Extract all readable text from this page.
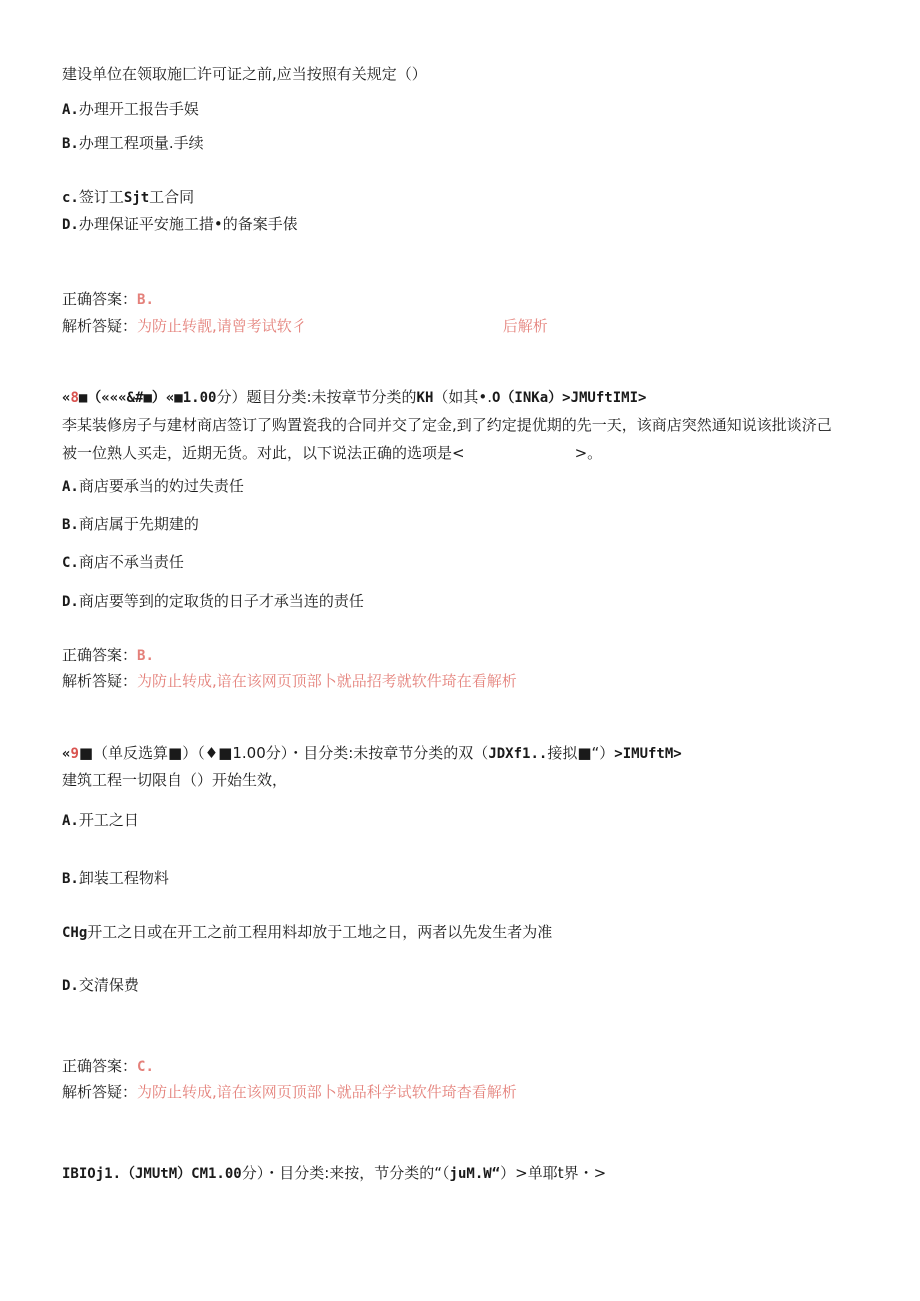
建设单位在领取施匚许可证之前,应当按照有关规定（）
A.办理开工报告手娱
B.办理工程项量.手续
c.签订工Sjt工合同
D.办理保证平安施工措•的备案手俵
正确答案：B.
解析答疑：为防止转靓,请曾考试软彳	后解析
«8■（«««&#■）«■1.00分）题目分类:未按章节分类的KH（如其•.O（INKa）>JMUftIMI>
李某装修房子与建材商店签订了购置瓷我的合同并交了定金,到了约定提优期的先一天，该商店突然通知说该批谈济己
被一位熟人买走，近期无货。对此，以下说法正确的选项是<	>。
A.商店要承当的妁过失责任
B.商店属于先期建的
C.商店不承当责任
D.商店要等到的定取货的日子才承当连的责任
正确答案：B.
解析答疑：为防止转成,谙在该网页顶部卜就品招考就软件琦在看解析
«9■（单反选算■）（♦■1.00分）・目分类:未按章节分类的双（JDXf1..接拟■“）>IMUftM>
建筑工程一切限自（）开始生效，
A.开工之日
B.卸装工程物料
CHg开工之日或在开工之前工程用料却放于工地之日，两者以先发生者为准
D.交清保费
正确答案：C.
解析答疑：为防止转成,谙在该网页顶部卜就品科学试软件琦杳看解析
IBIOj1.（JMUtM）CM1.00分）・目分类:来按，节分类的“（juM.W“）>单耶t界・>
